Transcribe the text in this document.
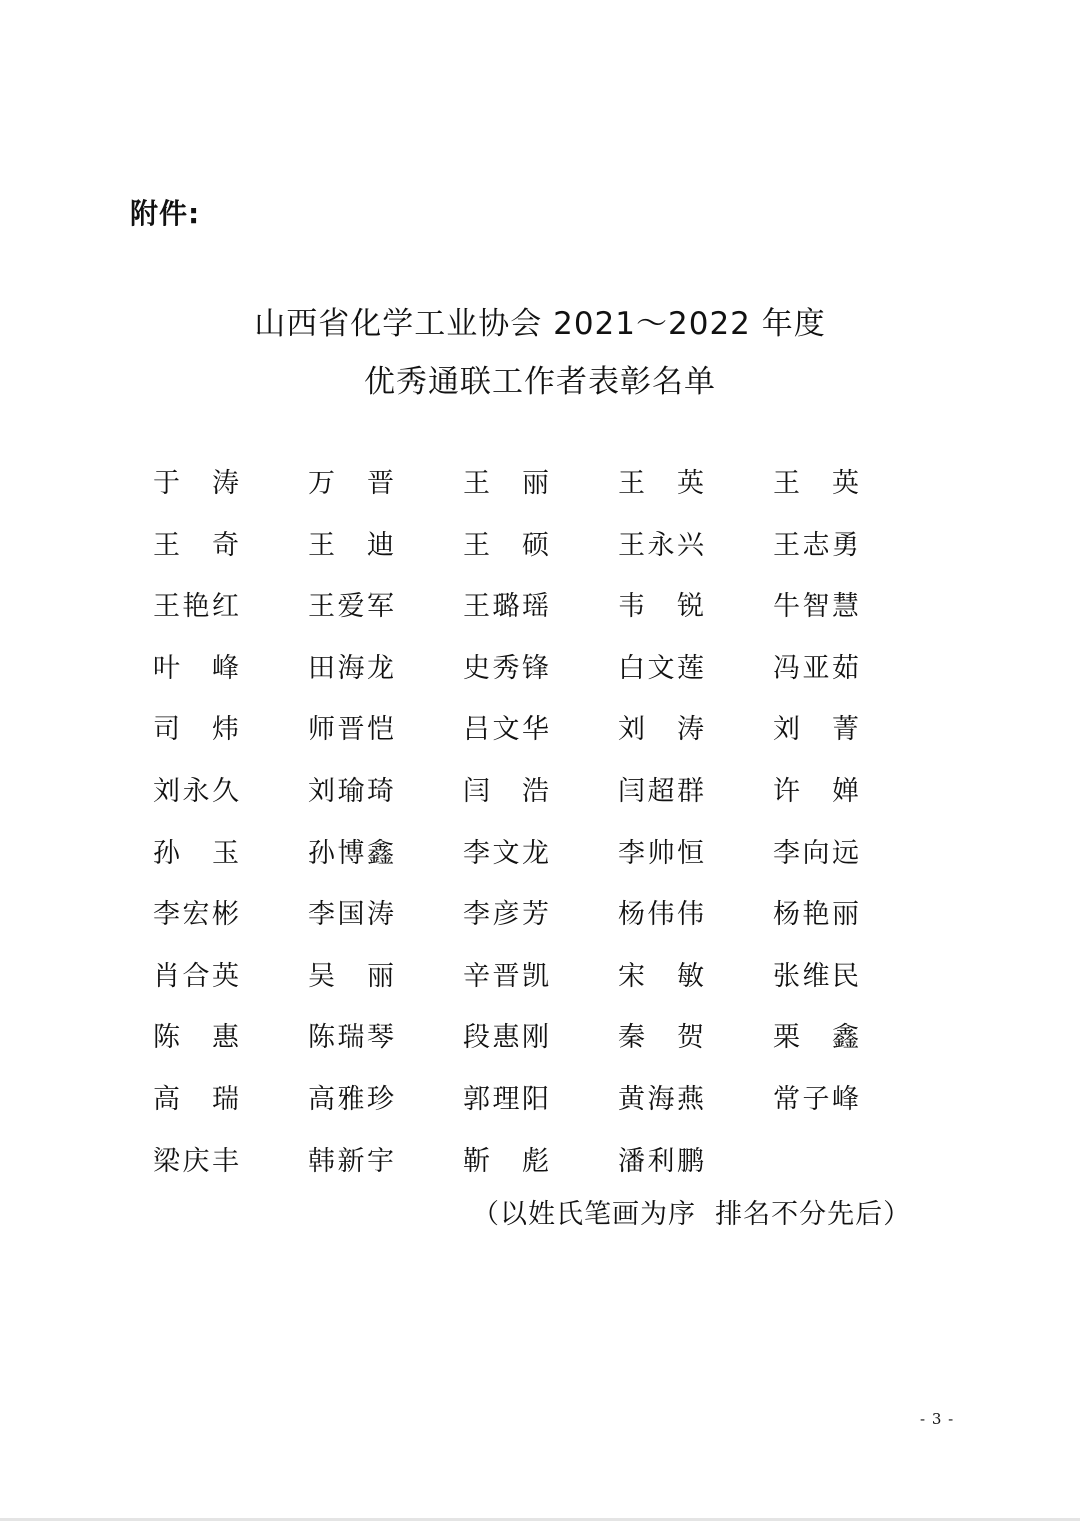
附件:
山西省化学工业协会 2021～2022 年度
优秀通联工作者表彰名单
于 涛	万 晋	王 丽	王 英	王 英
王 奇	王 迪	王 硕	王永兴	王志勇
王艳红	王爱军	王璐瑶	韦 锐	牛智慧
叶 峰	田海龙	史秀锋	白文莲	冯亚茹
司 炜	师晋恺	吕文华	刘 涛	刘 菁
刘永久	刘瑜琦	闫 浩	闫超群	许 婵
孙 玉	孙博鑫	李文龙	李帅恒	李向远
李宏彬	李国涛	李彦芳	杨伟伟	杨艳丽
肖合英	吴 丽	辛晋凯	宋 敏	张维民
陈 惠	陈瑞琴	段惠刚	秦 贺	栗 鑫
高 瑞	高雅珍	郭理阳	黄海燕	常子峰
梁庆丰	韩新宇	靳 彪	潘利鹏
（以姓氏笔画为序  排名不分先后）
- 3 -
